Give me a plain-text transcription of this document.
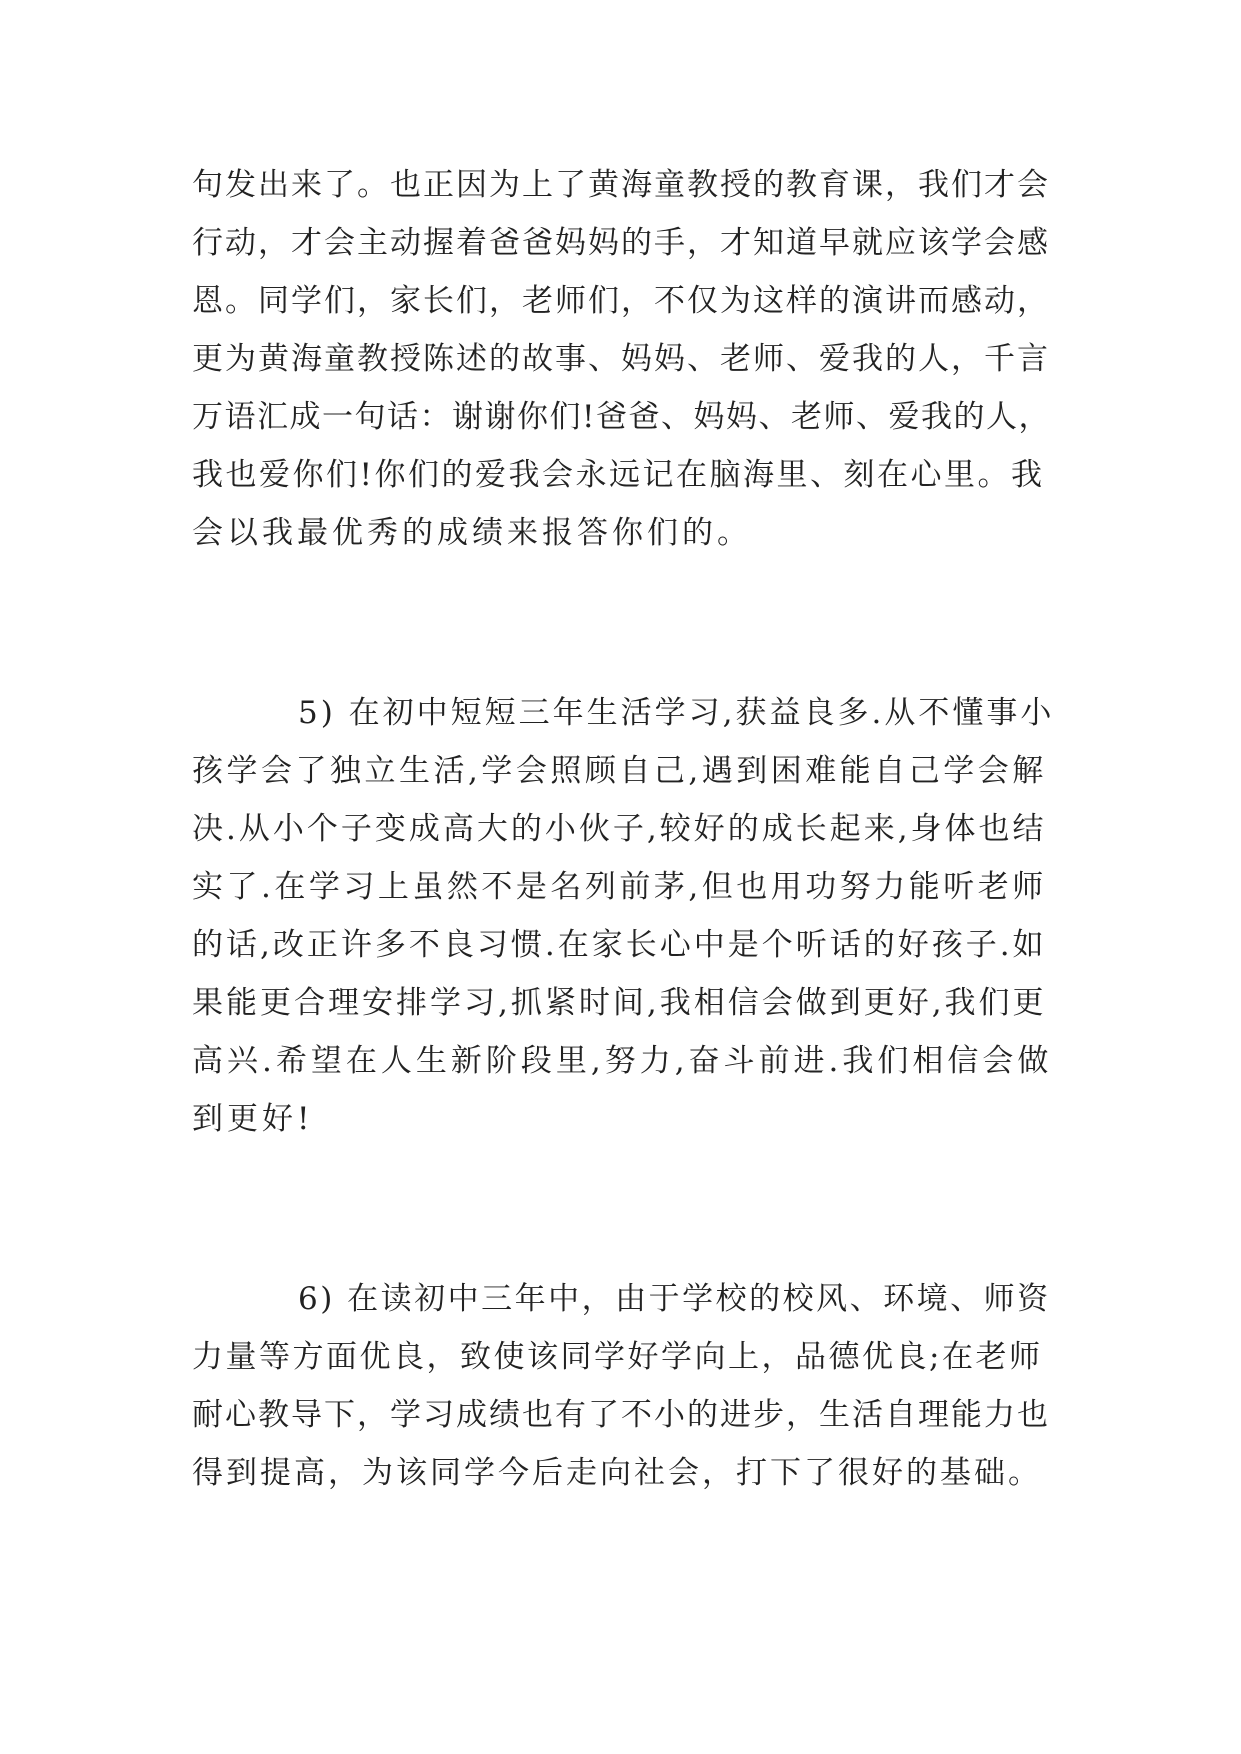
句发出来了。也正因为上了黄海童教授的教育课，我们才会
行动，才会主动握着爸爸妈妈的手，才知道早就应该学会感
恩。同学们，家长们，老师们，不仅为这样的演讲而感动，
更为黄海童教授陈述的故事、妈妈、老师、爱我的人，千言
万语汇成一句话：谢谢你们!爸爸、妈妈、老师、爱我的人，
我也爱你们!你们的爱我会永远记在脑海里、刻在心里。我
会以我最优秀的成绩来报答你们的。
5) 在初中短短三年生活学习,获益良多.从不懂事小
孩学会了独立生活,学会照顾自己,遇到困难能自己学会解
决.从小个子变成高大的小伙子,较好的成长起来,身体也结
实了.在学习上虽然不是名列前茅,但也用功努力能听老师
的话,改正许多不良习惯.在家长心中是个听话的好孩子.如
果能更合理安排学习,抓紧时间,我相信会做到更好,我们更
高兴.希望在人生新阶段里,努力,奋斗前进.我们相信会做
到更好!
6) 在读初中三年中，由于学校的校风、环境、师资
力量等方面优良，致使该同学好学向上，品德优良;在老师
耐心教导下，学习成绩也有了不小的进步，生活自理能力也
得到提高，为该同学今后走向社会，打下了很好的基础。
